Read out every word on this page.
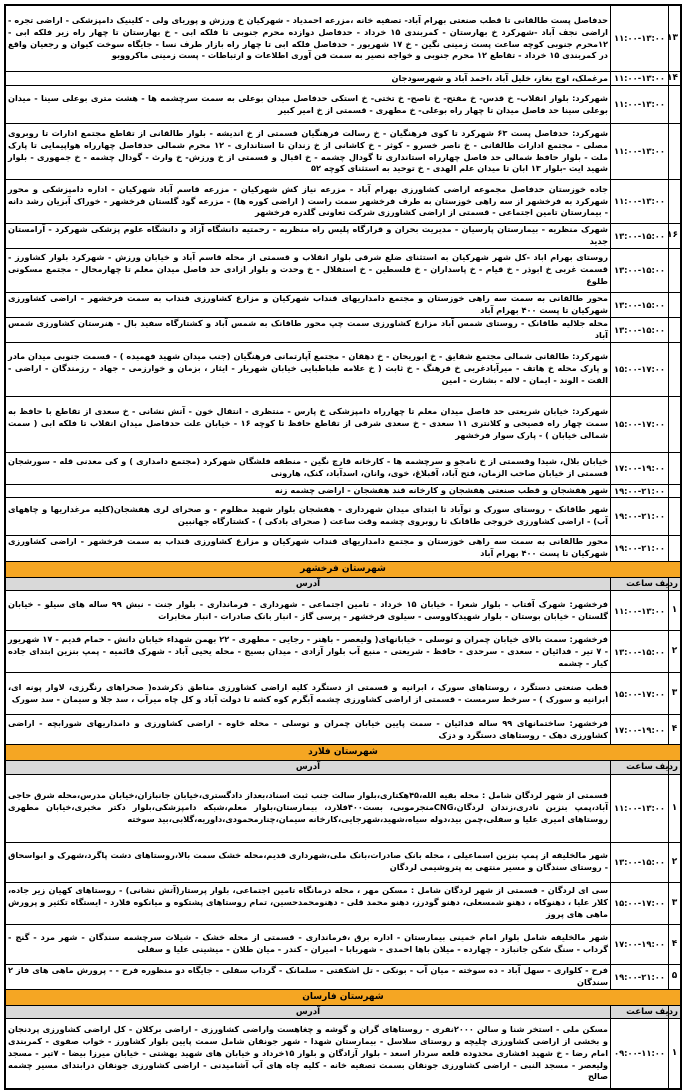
۱۳	۱۱:۰۰-۱۳:۰۰	حدفاصل پست طالقانی تا قطب صنعتی بهرام آباد- تصفیه خانه ،مزرعه احمدیاد - شهرکیان خ ورزش و پوریای ولی - کلینیک دامپزشکی - اراضی تجره - اراضی نجف آباد -شهرکرد خ بهارستان - کمربندی ۱۵ خرداد - حدفاصل دوازده محرم جنوبی تا فلکه ابی - خ بهارستان تا چهار راه زیر فلکه ابی - ۱۲محرم جنوبی کوچه ساعت پست زمینی نگین - خ ۱۷ شهریور - حدفاصل فلکه ابی تا چهار راه بازار طرف نسا - جایگاه سوخت کیوان و رجعیان واقع در کمربندی ۱۵ خرداد - تقاطع ۱۲ محرم جنوبی و خواجه نصیر به سمت فن آوری اطلاعات و ارتباطات - پست زمینی ماکرووبو
۱۴	۱۱:۰۰-۱۳:۰۰	مرغملک، اوج بغاز، خلیل آباد ،احمد آباد و شهرسودجان
	۱۱:۰۰-۱۳:۰۰	شهرکرد: بلوار انقلاب- خ قدس- خ مفتح- خ ناصح- خ تختی- خ استکی حدفاصل میدان بوعلی به سمت سرچشمه ها - هشت متری بوعلی سینا - میدان بوعلی سینا حد فاصل میدان تا چهار راه بوعلی- خ مطهری - قسمتی از خ امیر کبیر
	۱۱:۰۰-۱۳:۰۰	شهرکرد: حدفاصل پست ۶۳ شهرکرد تا کوی فرهنگیان - خ رسالت فرهنگیان قسمتی از خ اندیشه - بلوار طالقانی از تقاطع مجتمع ادارات تا روبروی مصلی - مجتمع ادارات طالقانی - خ ناصر خسرو - کوثر - خ کاشانی از خ زندان تا استانداری - ۱۲ محرم شمالی حدفاصل چهارراه هواپیمایی تا پارک ملت - بلوار حافظ شمالی حد فاصل چهارراه استانداری تا گودال چشمه - خ اقبال و قسمتی از خ ورزش- خ وارث - گودال چشمه - خ جمهوری - بلوار شهید ایت -بلوار ۱۳ ابان تا میدان علم الهدی - خ توحید به استثنای کوچه ۵۲
	۱۱:۰۰-۱۳:۰۰	جاده خوزستان حدفاصل مجموعه اراضی کشاورزی بهرام آباد - مزرعه نیاز کش شهرکیان - مزرعه قاسم آباد شهرکیان - اداره دامپزشکی و محور شهرکرد به فرخشهر از سه راهی خوزستان به طرف فرخشهر سمت راست ( اراضی کوره ها) - مزرعه گود گلستان فرخشهر - خوراک آبزیان رشد دانه - بیمارستان تامین اجتماعی - قسمتی از اراضی کشاورزی شرکت تعاونی گلدره فرخشهر
۱۶	۱۳:۰۰-۱۵:۰۰	شهرک منظریه - بیمارستان پارسیان - مدیریت بحران و قرارگاه پلیس راه منظریه - رحمتیه دانشگاه آزاد و دانشگاه علوم پزشکی شهرکرد - آرامستان جدید
	۱۳:۰۰-۱۵:۰۰	روستای بهرام اباد -کل شهر شهرکیان به استثنای ضلع شرقی بلوار انقلاب و قسمتی از محله قاسم آباد و خیابان ورزش - شهرکرد بلوار کشاورز - قسمت غربی خ ابوذر - خ قیام - خ پاسداران - خ فلسطین - خ استقلال - خ وحدت و بلوار ازادی حد فاصل میدان معلم تا چهارمحال - مجتمع مسکونی طلوع
	۱۳:۰۰-۱۵:۰۰	محور طالقانی به سمت سه راهی خوزستان و مجتمع دامداریهای قنداب شهرکیان و مزارع کشاورزی قنداب به سمت فرخشهر - اراضی کشاورزی شهرکیان تا پست ۴۰۰ بهرام آباد
	۱۳:۰۰-۱۵:۰۰	محله جلالیه طاقانک - روستای شمس آباد مزارع کشاورزی سمت چپ محور طاقانک به شمس آباد و کشتارگاه سفید بال - هنرستان کشاورزی شمس آباد
	۱۵:۰۰-۱۷:۰۰	شهرکرد: طالقانی شمالی مجتمع شقایق - خ ابوریحان - خ دهقان - مجتمع آپارتمانی فرهنگیان (جنب میدان شهید فهمیده ) - قسمت جنوبی میدان مادر و پارک محله خ هاتف - میرآبادغربی خ فرهنگ - خ ثابت ( خ علامه طباطبایی خیابان شهریار - ایثار ، بزمان و خوارزمی - جهاد - رزمندگان - اراضی - الفت - الوند - ایمان - لاله - بشارت - امین
	۱۵:۰۰-۱۷:۰۰	شهرکرد: خیابان شریعتی حد فاصل میدان معلم تا چهارراه دامپزشکی خ پارس - منتظری - انتقال خون - آتش نشانی - خ سعدی از تقاطع با حافظ به سمت چهار راه فصیحی و کلانتری ۱۱ سعدی - خ سعدی شرقی از تقاطع حافظ تا کوچه ۱۶ - خیابان علت حدفاصل میدان انقلاب تا فلکه ابی ( سمت شمالی خیابان ) - پارک سوار فرخشهر
	۱۷:۰۰-۱۹:۰۰	خیابان بلال، شیدا وقسمتی از خ نامجو و سرچشمه ها - کارخانه قارچ نگین - منطقه فلشگان شهرکرد (مجتمع دامداری ) و کی معدنی قله - سورشجان قسمتی از خیابان صاحب الزمان، فتح آباد، آقبلاغ، خوی، وانان، اسدآباد، کنک، هارونی
	۱۹:۰۰-۲۱:۰۰	شهر هفشجان و قطب صنعتی هفشجان و کارخانه قند هفشجان - اراضی چشمه زنه
	۱۹:۰۰-۲۱:۰۰	شهر طاقانک - روستای سورک و نوآباد تا ابتدای میدان شهرداری - هفشجان بلوار شهید مظلوم - و صحرای لری هفشجان(کلیه مرغداریها و چاههای آب) - اراضی کشاورزی خروجی طاقانک تا روبروی چشمه وقت ساعت ( صحرای بادکی ) - کشتارگاه جهانبین
	۱۹:۰۰-۲۱:۰۰	محور طالقانی به سمت سه راهی خوزستان و مجتمع دامداریهای قنداب شهرکیان و مزارع کشاورزی قنداب به سمت فرخشهر - اراضی کشاورزی شهرکیان تا پست ۴۰۰ بهرام آباد
شهرستان فرخشهر		
ردیف	ساعت	آدرس
۱	۱۱:۰۰-۱۳:۰۰	فرخشهر: شهرک آفتاب - بلوار شعرا - خیابان ۱۵ خرداد - تامین اجتماعی - شهرداری - فرمانداری - بلوار جنت - نبش ۹۹ ساله های سیلو - خیابان گلستان - خیابان بوستان - بلوار شهیدکاووسی - سیلوی فرخشهر - پرسی گاز - انبار بانک صادرات - انبار مخابرات
۲	۱۳:۰۰-۱۵:۰۰	فرخشهر: سمت بالای خیابان چمران و توسلی - خیابانهای( ولیعصر - باهنر - رجایی - مطهری - ۲۲ بهمن شهداء خیابان دانش - حمام قدیم - ۱۷ شهریور - ۷ تیر - فدائیان - سعدی - سرحدی - حافظ - شریعتی - منبع آب بلوار آزادی - میدان بسیج - محله یحیی آباد - شهرک قائمیه - پمپ بنزین ابتدای جاده کیار - چشمه
۳	۱۵:۰۰-۱۷:۰۰	قطب صنعتی دستگرد ، روستاهای سورک ، ابرانیه و قسمتی از دستگرد کلیه اراضی کشاورزی مناطق ذکرشده( صحراهای رنگرزی، لاوار پونه ای، ابرانیه و سورک ) - سرخط سرمست - قسمتی از اراضی کشاورزی چشمه آبگرم کوه کشه تا دولت آباد و کل چاه میرآب ، سد جلا و سیمان - سد سورک
۴	۱۷:۰۰-۱۹:۰۰	فرخشهر: ساختمانهای ۹۹ ساله فدائیان - سمت پایین خیابان چمران و توسلی - محله خاوه - اراضی کشاورزی و دامداریهای شورابچه - اراضی کشاورزی دهک - روستاهای دستگرد و دزک
شهرستان فلارد		
ردیف	ساعت	آدرس
۱	۱۱:۰۰-۱۳:۰۰	قسمتی از شهر لردگان شامل : محله بقیه الله،۴۵هکتاری،بلوار سالت جنب ثبت اسناد،بعداز دادگستری،خیابان جانبازان،خیابان مدرس،محله شرق حاجی آباد،پمپ بنزین نادری،زندان لردگان،CNGمنجرمویی، بست۴۰۰فلارد، بیمارستان،بلوار معلم،شبکه دامپزشکی،بلوار دکتر مخبری،خیابان مطهری روستاهای امیری علیا و سفلی،چمن بید،دوله سیاه،شهید،شهرجایی،کارخانه سیمان،چنارمحمودی،داوریه،گلابی،بید سوخته
۲	۱۳:۰۰-۱۵:۰۰	شهر مالخلیفه از پمپ بنزین اسماعیلی ، محله بانک صادرات،بانک ملی،شهرداری قدیم،محله خشک سمت بالا،روستاهای دشت پاگرد،شهرک و ابواسحاق - روستای سندگان و مسیر منتهی به پتروشیمی لردگان
۳	۱۵:۰۰-۱۷:۰۰	سی ای لردگان - قسمتی از شهر لردگان شامل : مسکن مهر ، محله درمانگاه تامین اجتماعی، بلوار پرستار(آتش نشانی) - روستاهای کهیان زیر جاده، کلار علیا ، دهنوکاه ، دهنو شمسعلی، دهنو گودرز، دهنو محمد قلی - دهنومحمدحسین، تمام روستاهای پشتکوه و میانکوه فلارد - ایستگاه تکثیر و پرورش ماهی های پروز
۴	۱۷:۰۰-۱۹:۰۰	شهر مالخلیفه شامل بلوار امام خمینی بیمارستان - اداره برق ،فرمانداری - قسمتی از محله خشک - شیلات سرچشمه سندگان - شهر مرد - گنج - گرداب - سنگ شکن جانبازد - چهارده - میلان باها احمدی - شهربابا - امیران - کندر - میان طلان - میشینی علیا و سفلی
۵	۱۹:۰۰-۲۱:۰۰	فرح - کلواری - سهل آباد - ده سوخته - میان آب - بونکی - تل اشکفتی - سلمانک - گرداب سفلی - جایگاه دو منظوره فرح - - پرورش ماهی های فاز ۲ سندگان
شهرستان فارسان		
ردیف	ساعت	آدرس
۱	۰۹:۰۰-۱۱:۰۰	مسکن ملی - استخر شنا و سالن ۲۰۰۰نفری - روستاهای گران و گوشه و چغاهست واراضی کشاورزی - اراضی برکلان - کل اراضی کشاورزی پردنجان و بخشی از اراضی کشاورزی چلیچه و روستای سلاسل - بیمارستان شهدا - شهر جونقان شامل سمت پایین بلوار کشاورز - خواب صفوی - کمربندی امام رضا - خ شهید افشاری محدوده قلعه سردار اسعد - بلوار آزادگان و بلوار ۱۵خرداد و خیابان های شهید بهشتی - خیابان میرزا بیضا - ۷تیر - مسجد ولیعصر - مسجد النبی - اراضی کشاورزی جونقان بسمت تصفیه خانه - کلیه چاه های آب آشامیدنی - اراضی کشاورزی جونقان درابتدای مسیر چشمه صالح
